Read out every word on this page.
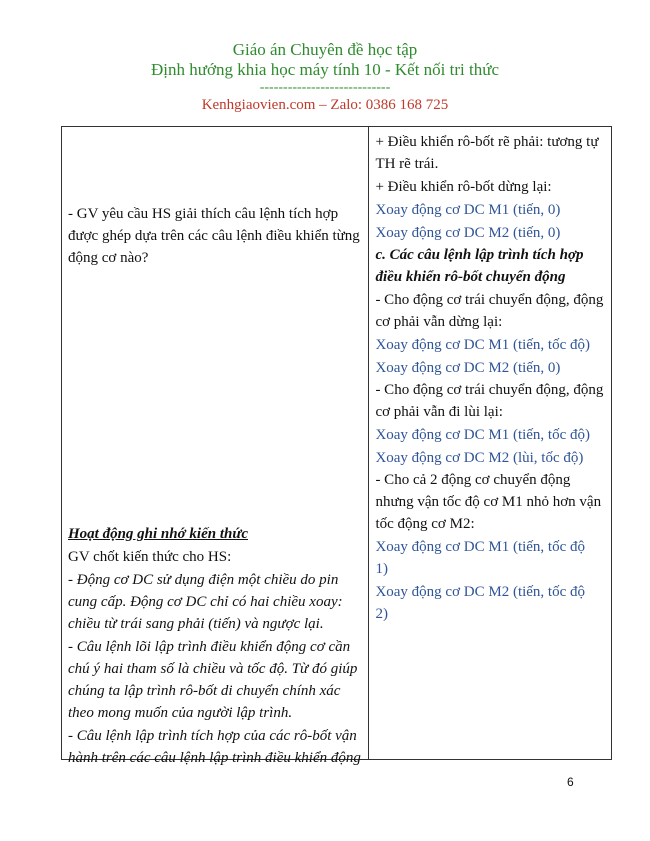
Giáo án Chuyên đề học tập
Định hướng khia học máy tính 10 - Kết nối tri thức
----------------------------
Kenhgiaovien.com – Zalo: 0386 168 725
- GV yêu cầu HS giải thích câu lệnh tích hợp
được ghép dựa trên các câu lệnh điều khiển từng
động cơ nào?
Hoạt động ghi nhớ kiến thức
GV chốt kiến thức cho HS:
- Động cơ DC sử dụng điện một chiều do pin
cung cấp. Động cơ DC chỉ có hai chiều xoay:
chiều từ trái sang phải (tiến) và ngược lại.
- Câu lệnh lõi lập trình điều khiển động cơ cần
chú ý hai tham số là chiều và tốc độ. Từ đó giúp
chúng ta lập trình rô-bốt di chuyển chính xác
theo mong muốn của người lập trình.
- Câu lệnh lập trình tích hợp của các rô-bốt vận
hành trên các câu lệnh lập trình điều khiển động

+ Điều khiển rô-bốt rẽ phải: tương tự
TH rẽ trái.
+ Điều khiển rô-bốt dừng lại:
Xoay động cơ DC M1 (tiến, 0)
Xoay động cơ DC M2 (tiến, 0)
c. Các câu lệnh lập trình tích hợp
điều khiển rô-bốt chuyển động
- Cho động cơ trái chuyển động, động
cơ phải vẫn dừng lại:
Xoay động cơ DC M1 (tiến, tốc độ)
Xoay động cơ DC M2 (tiến, 0)
- Cho động cơ trái chuyển động, động
cơ phải vẫn đi lùi lại:
Xoay động cơ DC M1 (tiến, tốc độ)
Xoay động cơ DC M2 (lùi, tốc độ)
- Cho cả 2 động cơ chuyển động
nhưng vận tốc độ cơ M1 nhỏ hơn vận
tốc động cơ M2:
Xoay động cơ DC M1 (tiến, tốc độ
1)
Xoay động cơ DC M2 (tiến, tốc độ
2)
6
